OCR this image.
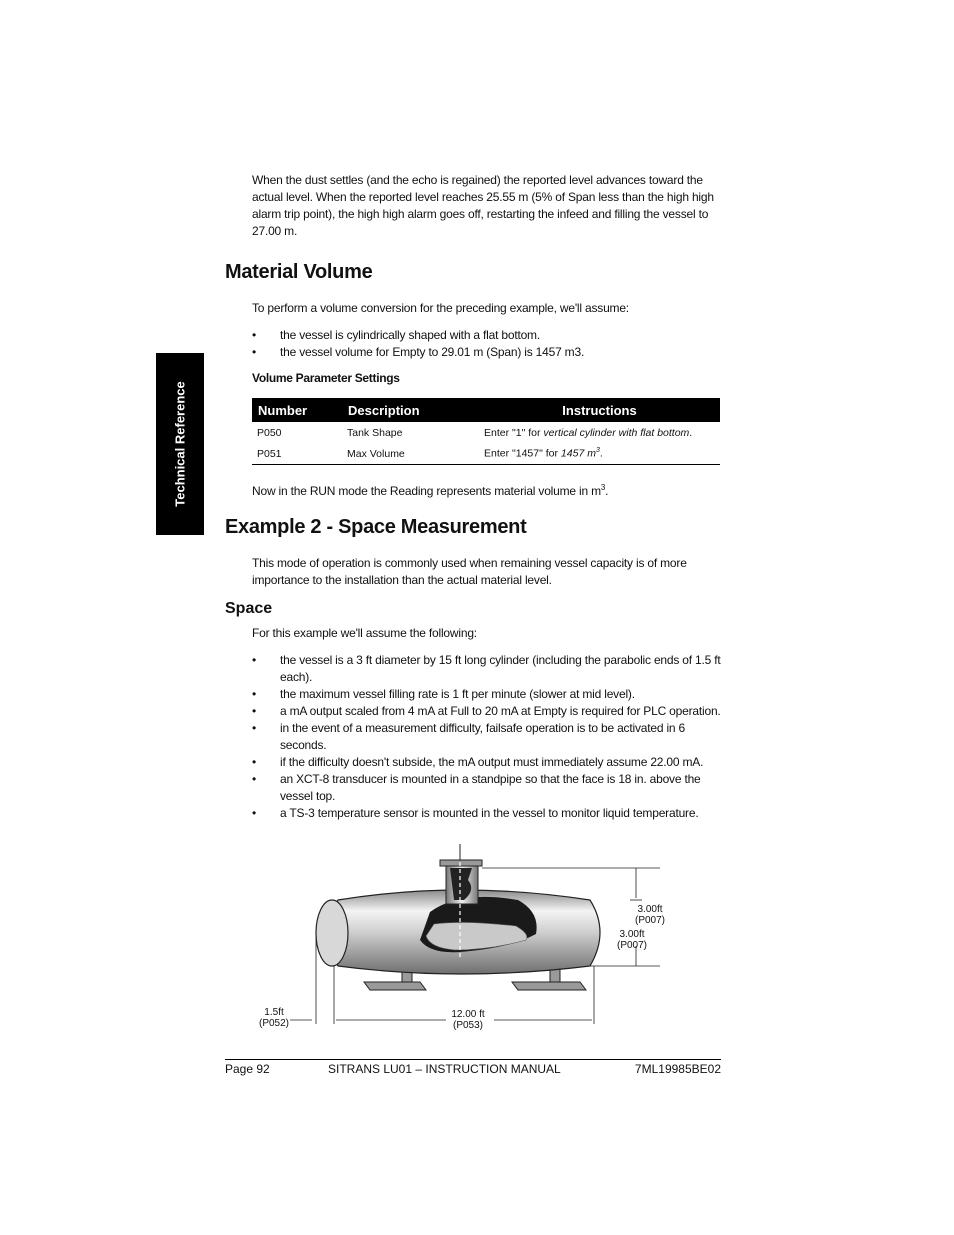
Technical Reference
When the dust settles (and the echo is regained) the reported level advances toward the actual level. When the reported level reaches 25.55 m (5% of Span less than the high high alarm trip point), the high high alarm goes off, restarting the infeed and filling the vessel to 27.00 m.
Material Volume
To perform a volume conversion for the preceding example, we'll assume:
• the vessel is cylindrically shaped with a flat bottom.
• the vessel volume for Empty to 29.01 m (Span) is 1457 m3.
Volume Parameter Settings
Number	Description	Instructions
P050	Tank Shape	Enter "1" for vertical cylinder with flat bottom.
P051	Max Volume	Enter "1457" for 1457 $m^3$.
Now in the RUN mode the Reading represents material volume in $m^3$.
Example 2 - Space Measurement
This mode of operation is commonly used when remaining vessel capacity is of more importance to the installation than the actual material level.
Space
For this example we'll assume the following:
• the vessel is a 3 ft diameter by 15 ft long cylinder (including the parabolic ends of 1.5 ft each).
• the maximum vessel filling rate is 1 ft per minute (slower at mid level).
• a mA output scaled from 4 mA at Full to 20 mA at Empty is required for PLC operation.
• in the event of a measurement difficulty, failsafe operation is to be activated in 6 seconds.
• if the difficulty doesn't subside, the mA output must immediately assume 22.00 mA.
• an XCT-8 transducer is mounted in a standpipe so that the face is 18 in. above the vessel top.
• a TS-3 temperature sensor is mounted in the vessel to monitor liquid temperature.
3.00ft
(P007)
3.00ft
(P007)
1.5ft
(P052)
12.00 ft
(P053)
Page 92	SITRANS LU01 – INSTRUCTION MANUAL	7ML19985BE02
